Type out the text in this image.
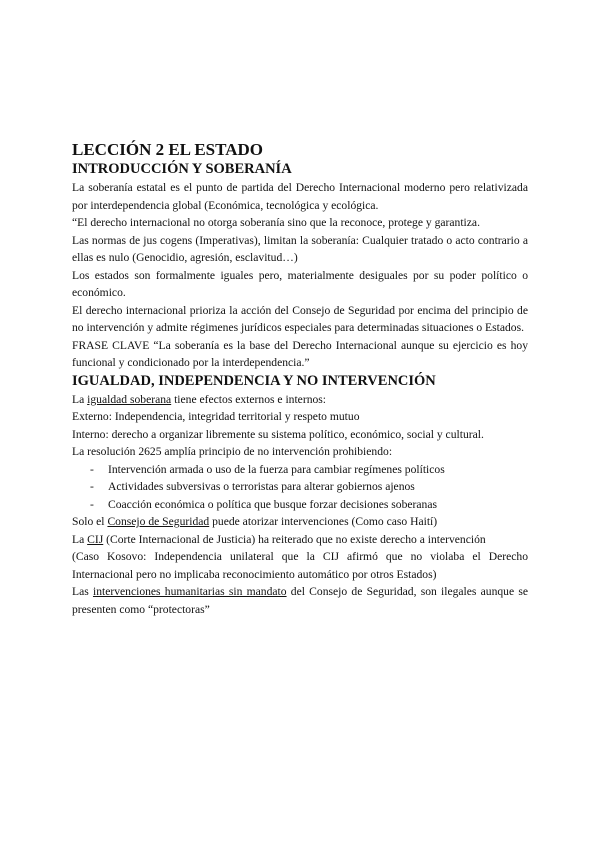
LECCIÓN 2 EL ESTADO
INTRODUCCIÓN Y SOBERANÍA

La soberanía estatal es el punto de partida del Derecho Internacional moderno pero relativizada por interdependencia global (Económica, tecnológica y ecológica.

“El derecho internacional no otorga soberanía sino que la reconoce, protege y garantiza.

Las normas de jus cogens (Imperativas), limitan la soberanía: Cualquier tratado o acto contrario a ellas es nulo (Genocidio, agresión, esclavitud…)

Los estados son formalmente iguales pero, materialmente desiguales por su poder político o económico.

El derecho internacional prioriza la acción del Consejo de Seguridad por encima del principio de no intervención y admite régimenes jurídicos especiales para determinadas situaciones o Estados.

FRASE CLAVE “La soberanía es la base del Derecho Internacional aunque su ejercicio es hoy funcional y condicionado por la interdependencia.”

IGUALDAD, INDEPENDENCIA Y NO INTERVENCIÓN

La igualdad soberana tiene efectos externos e internos:

Externo: Independencia, integridad territorial y respeto mutuo

Interno: derecho a organizar libremente su sistema político, económico, social y cultural.

La resolución 2625 amplía principio de no intervención prohibiendo:

- Intervención armada o uso de la fuerza para cambiar regímenes políticos
- Actividades subversivas o terroristas para alterar gobiernos ajenos
- Coacción económica o política que busque forzar decisiones soberanas

Solo el Consejo de Seguridad puede atorizar intervenciones (Como caso Haití)

La CIJ (Corte Internacional de Justicia) ha reiterado que no existe derecho a intervención

(Caso Kosovo: Independencia unilateral que la CIJ afirmó que no violaba el Derecho Internacional pero no implicaba reconocimiento automático por otros Estados)

Las intervenciones humanitarias sin mandato del Consejo de Seguridad, son ilegales aunque se presenten como “protectoras”
